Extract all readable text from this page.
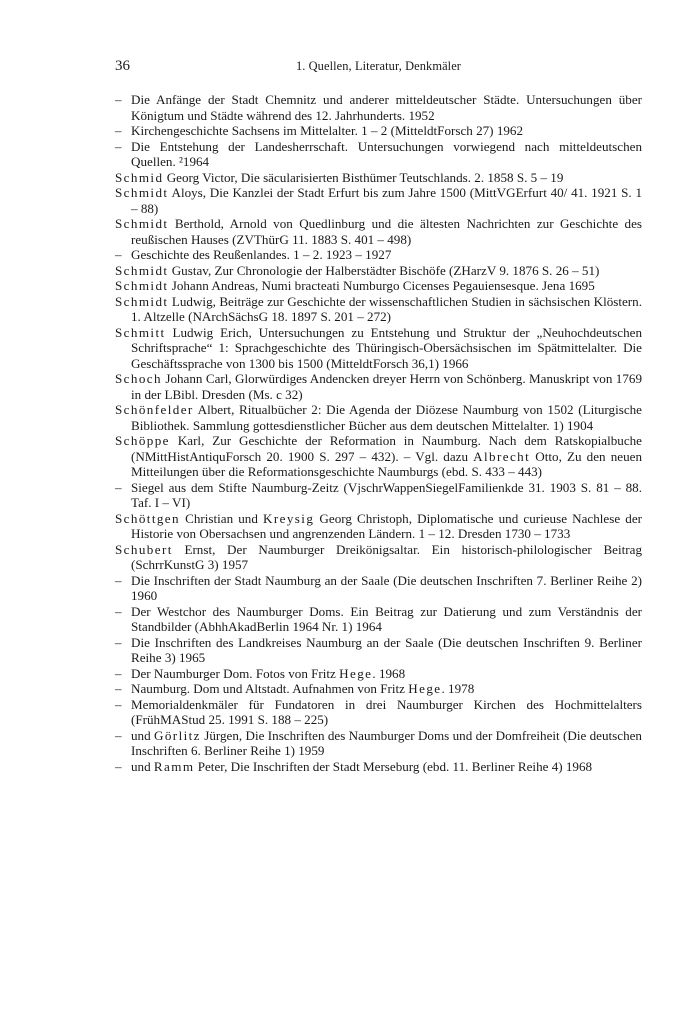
36	1. Quellen, Literatur, Denkmäler

– Die Anfänge der Stadt Chemnitz und anderer mitteldeutscher Städte. Untersuchungen über Königtum und Städte während des 12. Jahrhunderts. 1952

– Kirchengeschichte Sachsens im Mittelalter. 1 – 2 (MitteldtForsch 27) 1962

– Die Entstehung der Landesherrschaft. Untersuchungen vorwiegend nach mitteldeutschen Quellen. ²1964

Schmid Georg Victor, Die säcularisierten Bisthümer Teutschlands. 2. 1858 S. 5 – 19

Schmidt Aloys, Die Kanzlei der Stadt Erfurt bis zum Jahre 1500 (MittVGErfurt 40/ 41. 1921 S. 1 – 88)

Schmidt Berthold, Arnold von Quedlinburg und die ältesten Nachrichten zur Geschichte des reußischen Hauses (ZVThürG 11. 1883 S. 401 – 498)

– Geschichte des Reußenlandes. 1 – 2. 1923 – 1927

Schmidt Gustav, Zur Chronologie der Halberstädter Bischöfe (ZHarzV 9. 1876 S. 26 – 51)

Schmidt Johann Andreas, Numi bracteati Numburgo Cicenses Pegauiensesque. Jena 1695

Schmidt Ludwig, Beiträge zur Geschichte der wissenschaftlichen Studien in sächsischen Klöstern. 1. Altzelle (NArchSächsG 18. 1897 S. 201 – 272)

Schmitt Ludwig Erich, Untersuchungen zu Entstehung und Struktur der „Neuhochdeutschen Schriftsprache“ 1: Sprachgeschichte des Thüringisch-Obersächsischen im Spätmittelalter. Die Geschäftssprache von 1300 bis 1500 (MitteldtForsch 36,1) 1966

Schoch Johann Carl, Glorwürdiges Andencken dreyer Herrn von Schönberg. Manuskript von 1769 in der LBibl. Dresden (Ms. c 32)

Schönfelder Albert, Ritualbücher 2: Die Agenda der Diözese Naumburg von 1502 (Liturgische Bibliothek. Sammlung gottesdienstlicher Bücher aus dem deutschen Mittelalter. 1) 1904

Schöppe Karl, Zur Geschichte der Reformation in Naumburg. Nach dem Ratskopialbuche (NMittHistAntiquForsch 20. 1900 S. 297 – 432). – Vgl. dazu Albrecht Otto, Zu den neuen Mitteilungen über die Reformationsgeschichte Naumburgs (ebd. S. 433 – 443)

– Siegel aus dem Stifte Naumburg-Zeitz (VjschrWappenSiegelFamilienkde 31. 1903 S. 81 – 88. Taf. I – VI)

Schöttgen Christian und Kreysig Georg Christoph, Diplomatische und curieuse Nachlese der Historie von Obersachsen und angrenzenden Ländern. 1 – 12. Dresden 1730 – 1733

Schubert Ernst, Der Naumburger Dreikönigsaltar. Ein historisch-philologischer Beitrag (SchrrKunstG 3) 1957

– Die Inschriften der Stadt Naumburg an der Saale (Die deutschen Inschriften 7. Berliner Reihe 2) 1960

– Der Westchor des Naumburger Doms. Ein Beitrag zur Datierung und zum Verständnis der Standbilder (AbhhAkadBerlin 1964 Nr. 1) 1964

– Die Inschriften des Landkreises Naumburg an der Saale (Die deutschen Inschriften 9. Berliner Reihe 3) 1965

– Der Naumburger Dom. Fotos von Fritz Hege. 1968

– Naumburg. Dom und Altstadt. Aufnahmen von Fritz Hege. 1978

– Memorialdenkmäler für Fundatoren in drei Naumburger Kirchen des Hochmittelalters (FrühMAStud 25. 1991 S. 188 – 225)

– und Görlitz Jürgen, Die Inschriften des Naumburger Doms und der Domfreiheit (Die deutschen Inschriften 6. Berliner Reihe 1) 1959

– und Ramm Peter, Die Inschriften der Stadt Merseburg (ebd. 11. Berliner Reihe 4) 1968
